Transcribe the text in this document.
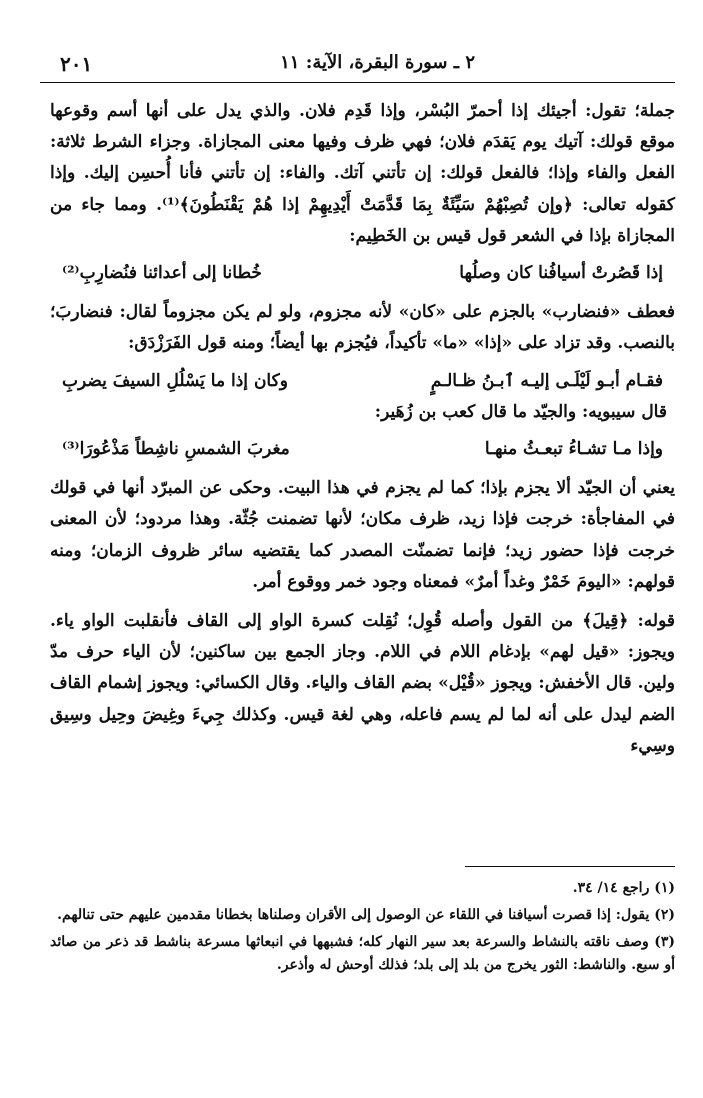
٢ ـ سورة البقرة، الآية: ١١
٢٠١

جملة؛ تقول: أجيئك إذا أحمرّ البُسْر، وإذا قَدِم فلان. والذي يدل على أنها أسم وقوعها موقع قولك: آتيك يوم يَقدَم فلان؛ فهي ظرف وفيها معنى المجازاة. وجزاء الشرط ثلاثة: الفعل والفاء وإذا؛ فالفعل قولك: إن تأتني آتك. والفاء: إن تأتني فأنا أُحسِن إليك. وإذا كقوله تعالى: ﴿وإن تُصِبْهُمْ سَيِّئَةٌ بِمَا قَدَّمَتْ أَيْدِيهِمْ إذا هُمْ يَقْنَطُونَ﴾⁽¹⁾. ومما جاء من المجازاة بإذا في الشعر قول قيس بن الخَطِيم:

إذا قَصُرتْ أسيافُنا كان وصلُها
خُطانا إلى أعدائنا فنُضارِبِ⁽²⁾

فعطف «فنضارب» بالجزم على «كان» لأنه مجزوم، ولو لم يكن مجزوماً لقال: فنضاربَ؛ بالنصب. وقد تزاد على «إذا» «ما» تأكيداً، فيُجزم بها أيضاً؛ ومنه قول الفَرَزْدَق:

فقـام أبـو لَيْلَـى إليـه ٱبـنُ ظـالـمٍ
وكان إذا ما يَسْلُلِ السيفَ يضربِ

قال سيبويه: والجيّد ما قال كعب بن زُهَير:

وإذا مـا تشـاءُ تبعـثُ منهـا
مغربَ الشمسِ ناشِطاً مَذْعُورَا⁽³⁾

يعني أن الجيّد ألا يجزم بإذا؛ كما لم يجزم في هذا البيت. وحكى عن المبرّد أنها في قولك في المفاجأة: خرجت فإذا زيد، ظرف مكان؛ لأنها تضمنت جُثّة. وهذا مردود؛ لأن المعنى خرجت فإذا حضور زيد؛ فإنما تضمنّت المصدر كما يقتضيه سائر ظروف الزمان؛ ومنه قولهم: «اليومَ خَمْرٌ وغداً أمرٌ» فمعناه وجود خمر ووقوع أمر.

قوله: ﴿قِيلَ﴾ من القول وأصله قُوِل؛ نُقِلت كسرة الواو إلى القاف فأنقلبت الواو ياء. ويجوز: «قيل لهم» بإدغام اللام في اللام. وجاز الجمع بين ساكنين؛ لأن الياء حرف مدّ ولين. قال الأخفش: ويجوز «قُيْل» بضم القاف والياء. وقال الكسائي: ويجوز إشمام القاف الضم ليدل على أنه لما لم يسم فاعله، وهي لغة قيس. وكذلك جِيءَ وغِيضَ وحِيل وسِيق وسِيء

(١) راجع ١٤/ ٣٤.

(٢) يقول: إذا قصرت أسيافنا في اللقاء عن الوصول إلى الأقران وصلناها بخطانا مقدمين عليهم حتى تنالهم.

(٣) وصف ناقته بالنشاط والسرعة بعد سير النهار كله؛ فشبهها في انبعاثها مسرعة بناشط قد ذعر من صائد أو سبع. والناشط: الثور يخرج من بلد إلى بلد؛ فذلك أوحش له وأذعر.
